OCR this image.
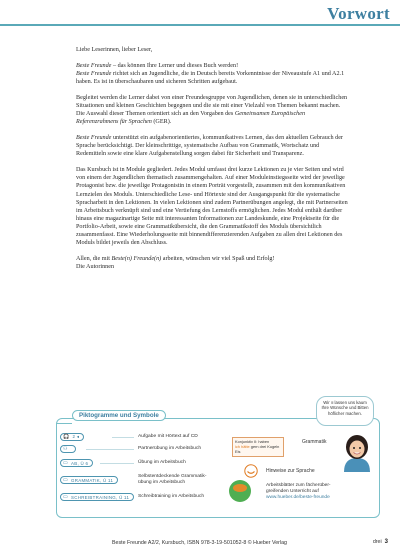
Vorwort

Liebe Leserinnen, lieber Leser,

Beste Freunde – das können Ihre Lerner und dieses Buch werden!
Beste Freunde richtet sich an Jugendliche, die in Deutsch bereits Vorkenntnisse der Niveaustufe A1 und A2.1 haben. Es ist in überschaubaren und sicheren Schritten aufgebaut.

Begleitet werden die Lerner dabei von einer Freundesgruppe von Jugendlichen, denen sie in unterschiedlichen Situationen und kleinen Geschichten begegnen und die sie mit einer Vielzahl von Themen bekannt machen. Die Auswahl dieser Themen orientiert sich an den Vorgaben des Gemeinsamen Europäischen Referenzrahmens für Sprachen (GER).

Beste Freunde unterstützt ein aufgabenorientiertes, kommunikatives Lernen, das den aktuellen Gebrauch der Sprache berücksichtigt. Der kleinschrittige, systematische Aufbau von Grammatik, Wortschatz und Redemitteln sowie eine klare Aufgabenstellung sorgen dabei für Sicherheit und Transparenz.

Das Kursbuch ist in Module gegliedert. Jedes Modul umfasst drei kurze Lektionen zu je vier Seiten und wird von einem der Jugendlichen thematisch zusammengehalten. Auf einer Moduleinstiegsseite wird der jeweilige Protagonist bzw. die jeweilige Protagonistin in einem Porträt vorgestellt, zusammen mit den kommunikativen Lernzielen des Moduls. Unterschiedliche Lese- und Hörtexte sind der Ausgangspunkt für die systematische Spracharbeit in den Lektionen. In vielen Lektionen sind zudem Partnerübungen angelegt, die mit Partnerseiten im Arbeitsbuch verknüpft sind und eine Vertiefung des Lernstoffs ermöglichen. Jedes Modul enthält darüber hinaus eine magazinartige Seite mit interessanten Informationen zur Landeskunde, eine Projektseite für die Portfolio-Arbeit, sowie eine Grammatikübersicht, die den Grammatikstoff des Moduls übersichtlich zusammenfasst. Eine Wiederholungsseite mit binnendifferenzierenden Aufgaben zu allen drei Lektionen des Moduls bildet jeweils den Abschluss.

Allen, die mit Beste(n) Freunde(n) arbeiten, wünschen wir viel Spaß und Erfolg!
Die Autorinnen

Piktogramme und Symbole
🎧 2 ◂	Aufgabe mit Hörtext auf CD
⚇	Partnerübung im Arbeitsbuch
▭ AB, Ü 6	Übung im Arbeitsbuch
▭ GRAMMATIK, Ü 11
Selbstentdeckende Grammatik-
übung im Arbeitsbuch
▭ SCHREIBTRAINING, Ü 11 Schreibtraining im Arbeitsbuch
Konjunktiv II: haben
ich hätte gern drei Kugeln Eis
Grammatik
Hinweise zur Sprache
Arbeitsblätter zum fächerüber-
greifenden Unterricht auf
www.hueber.de/beste-freunde
Wir ≡ lassen uns kaum Ihre Wünsche und Bitten höflicher machen.
Beste Freunde A2/2, Kursbuch, ISBN 978-3-19-501052-8 © Hueber Verlag	drei 3
